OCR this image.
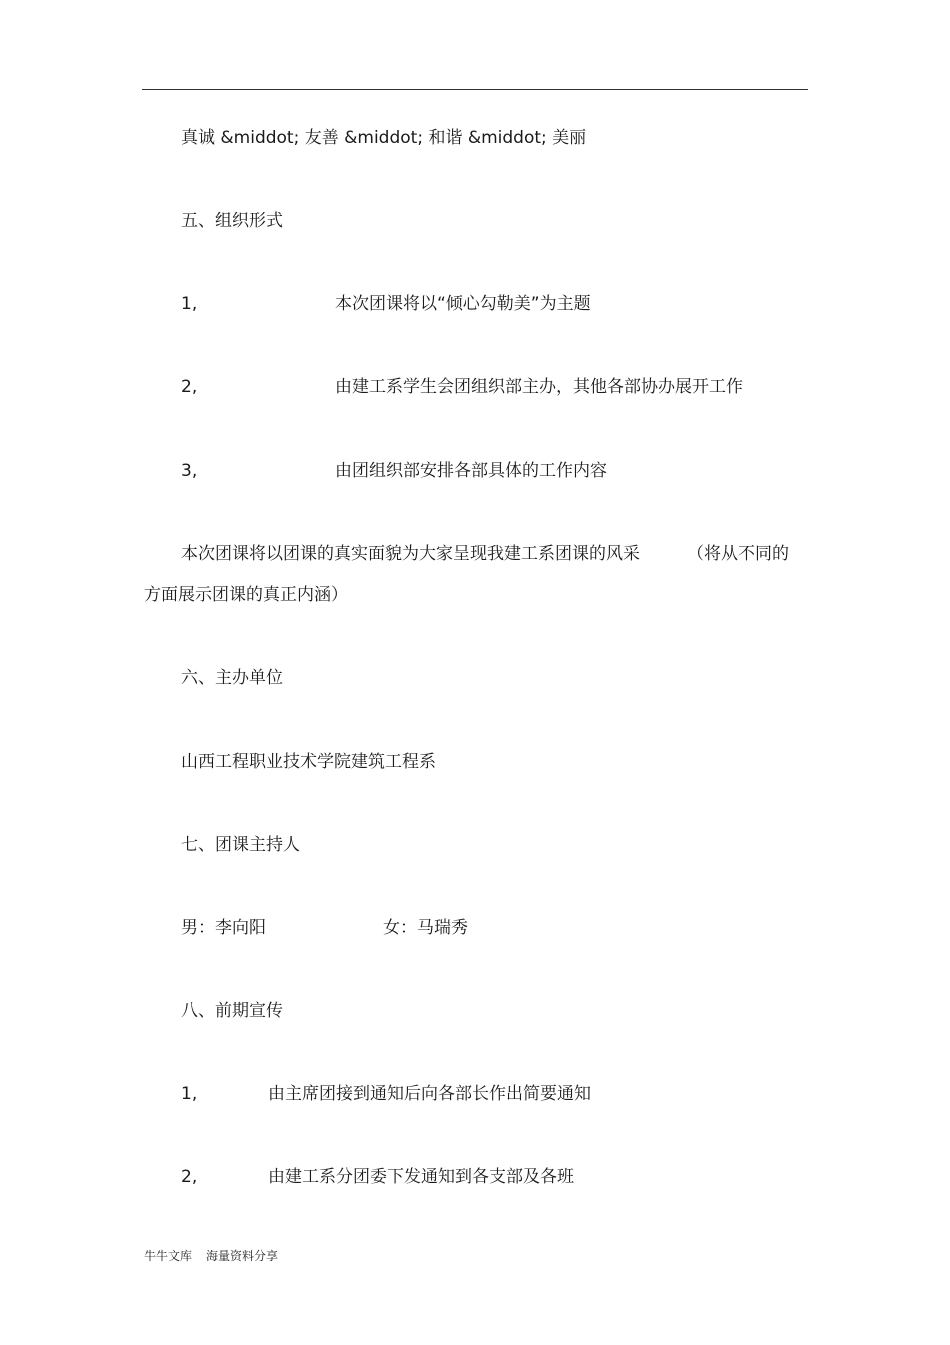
真诚 &middot; 友善 &middot; 和谐 &middot; 美丽
五、组织形式
1,	本次团课将以“倾心勾勒美”为主题
2,	由建工系学生会团组织部主办，其他各部协办展开工作
3,	由团组织部安排各部具体的工作内容
本次团课将以团课的真实面貌为大家呈现我建工系团课的风采	（将从不同的
方面展示团课的真正内涵）
六、主办单位
山西工程职业技术学院建筑工程系
七、团课主持人
男：李向阳	女：马瑞秀
八、前期宣传
1,	由主席团接到通知后向各部长作出简要通知
2,	由建工系分团委下发通知到各支部及各班
牛牛文库 海量资料分享
